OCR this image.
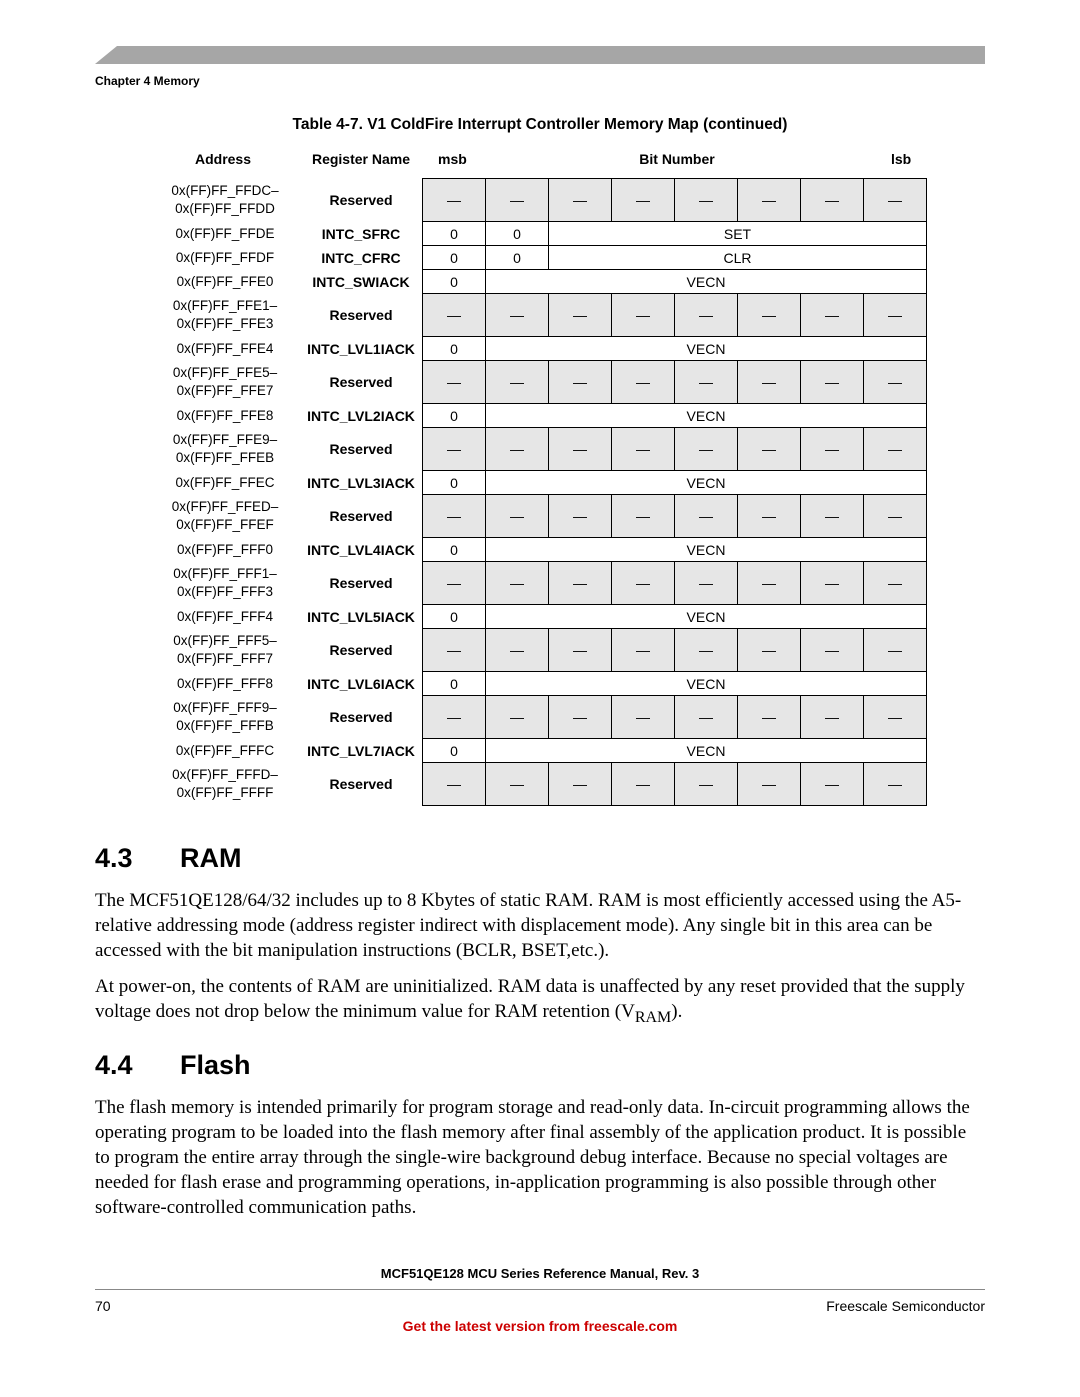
Chapter 4 Memory
Table 4-7. V1 ColdFire Interrupt Controller Memory Map (continued)
Address	Register Name	msb	Bit Number	lsb
0x(FF)FF_FFDC–
0x(FF)FF_FFDD	Reserved	—	—	—	—	—	—	—	—

0x(FF)FF_FFDE	INTC_SFRC	0	0	SET					

0x(FF)FF_FFDF	INTC_CFRC	0	0	CLR					

0x(FF)FF_FFE0	INTC_SWIACK	0	VECN						

0x(FF)FF_FFE1–
0x(FF)FF_FFE3	Reserved	—	—	—	—	—	—	—	—

0x(FF)FF_FFE4	INTC_LVL1IACK	0	VECN						

0x(FF)FF_FFE5–
0x(FF)FF_FFE7	Reserved	—	—	—	—	—	—	—	—

0x(FF)FF_FFE8	INTC_LVL2IACK	0	VECN						

0x(FF)FF_FFE9–
0x(FF)FF_FFEB	Reserved	—	—	—	—	—	—	—	—

0x(FF)FF_FFEC	INTC_LVL3IACK	0	VECN						

0x(FF)FF_FFED–
0x(FF)FF_FFEF	Reserved	—	—	—	—	—	—	—	—

0x(FF)FF_FFF0	INTC_LVL4IACK	0	VECN						

0x(FF)FF_FFF1–
0x(FF)FF_FFF3	Reserved	—	—	—	—	—	—	—	—

0x(FF)FF_FFF4	INTC_LVL5IACK	0	VECN						

0x(FF)FF_FFF5–
0x(FF)FF_FFF7	Reserved	—	—	—	—	—	—	—	—

0x(FF)FF_FFF8	INTC_LVL6IACK	0	VECN						

0x(FF)FF_FFF9–
0x(FF)FF_FFFB	Reserved	—	—	—	—	—	—	—	—

0x(FF)FF_FFFC	INTC_LVL7IACK	0	VECN						

0x(FF)FF_FFFD–
0x(FF)FF_FFFF	Reserved	—	—	—	—	—	—	—	—
4.3 RAM

The MCF51QE128/64/32 includes up to 8 Kbytes of static RAM. RAM is most efficiently accessed using the A5-relative addressing mode (address register indirect with displacement mode). Any single bit in this area can be accessed with the bit manipulation instructions (BCLR, BSET,etc.).

At power-on, the contents of RAM are uninitialized. RAM data is unaffected by any reset provided that the supply voltage does not drop below the minimum value for RAM retention $(V_{RAM})$.

4.4 Flash

The flash memory is intended primarily for program storage and read-only data. In-circuit programming allows the operating program to be loaded into the flash memory after final assembly of the application product. It is possible to program the entire array through the single-wire background debug interface. Because no special voltages are needed for flash erase and programming operations, in-application programming is also possible through other software-controlled communication paths.

MCF51QE128 MCU Series Reference Manual, Rev. 3
70	Freescale Semiconductor
Get the latest version from freescale.com
